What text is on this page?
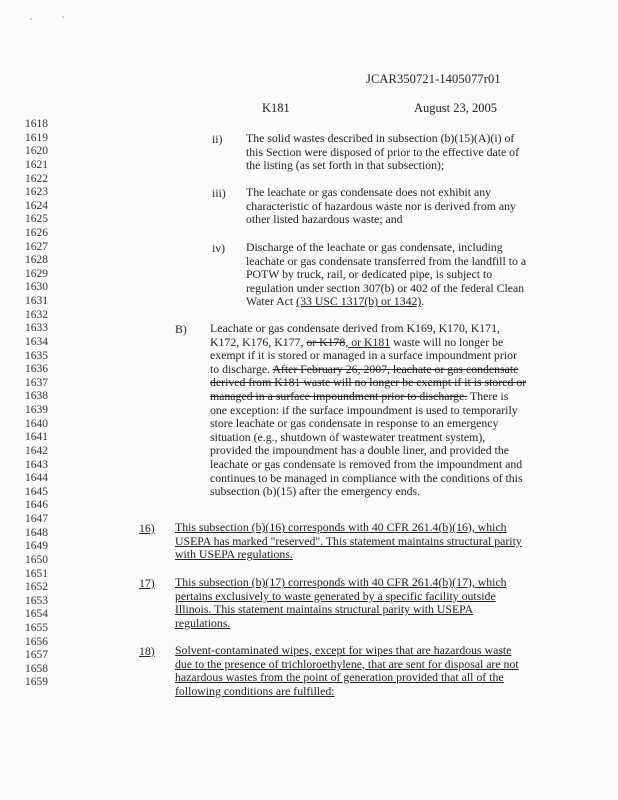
JCAR350721-1405077r01
K181	August 23, 2005
1618
1619
1620
1621
1622
1623
1624
1625
1626
1627
1628
1629
1630
1631
1632
1633
1634
1635
1636
1637
1638
1639
1640
1641
1642
1643
1644
1645
1646
1647
1648
1649
1650
1651
1652
1653
1654
1655
1656
1657
1658
1659
ii) The solid wastes described in subsection (b)(15)(A)(i) of
this Section were disposed of prior to the effective date of
the listing (as set forth in that subsection);
iii) The leachate or gas condensate does not exhibit any
characteristic of hazardous waste nor is derived from any
other listed hazardous waste; and
iv) Discharge of the leachate or gas condensate, including
leachate or gas condensate transferred from the landfill to a
POTW by truck, rail, or dedicated pipe, is subject to
regulation under section 307(b) or 402 of the federal Clean
Water Act (33 USC 1317(b) or 1342).
B) Leachate or gas condensate derived from K169, K170, K171,
K172, K176, K177, or K178, or K181 waste will no longer be
exempt if it is stored or managed in a surface impoundment prior
to discharge. After February 26, 2007, leachate or gas condensate
derived from K181 waste will no longer be exempt if it is stored or
managed in a surface impoundment prior to discharge. There is
one exception: if the surface impoundment is used to temporarily
store leachate or gas condensate in response to an emergency
situation (e.g., shutdown of wastewater treatment system),
provided the impoundment has a double liner, and provided the
leachate or gas condensate is removed from the impoundment and
continues to be managed in compliance with the conditions of this
subsection (b)(15) after the emergency ends.
16) This subsection (b)(16) corresponds with 40 CFR 261.4(b)(16), which
USEPA has marked "reserved". This statement maintains structural parity
with USEPA regulations.
17) This subsection (b)(17) corresponds with 40 CFR 261.4(b)(17), which
pertains exclusively to waste generated by a specific facility outside
Illinois. This statement maintains structural parity with USEPA
regulations.
18) Solvent-contaminated wipes, except for wipes that are hazardous waste
due to the presence of trichloroethylene, that are sent for disposal are not
hazardous wastes from the point of generation provided that all of the
following conditions are fulfilled:
